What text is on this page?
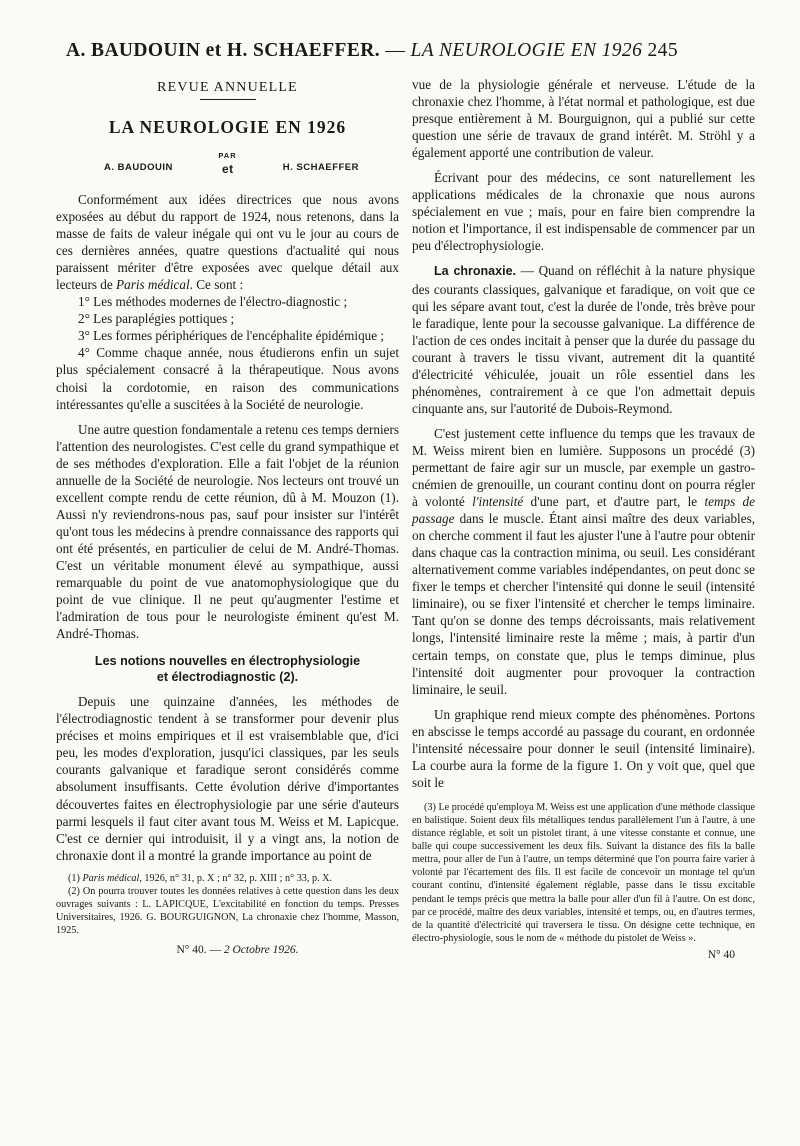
A. BAUDOUIN et H. SCHAEFFER. — LA NEUROLOGIE EN 1926 245
REVUE ANNUELLE
LA NEUROLOGIE EN 1926
PAR
A. BAUDOUIN	et	H. SCHAEFFER

Conformément aux idées directrices que nous avons exposées au début du rapport de 1924, nous retenons, dans la masse de faits de valeur inégale qui ont vu le jour au cours de ces dernières années, quatre questions d'actualité qui nous paraissent mériter d'être exposées avec quelque détail aux lecteurs de Paris médical. Ce sont :

1° Les méthodes modernes de l'électro-diagnostic ;

2° Les paraplégies pottiques ;

3° Les formes périphériques de l'encéphalite épidémique ;

4° Comme chaque année, nous étudierons enfin un sujet plus spécialement consacré à la thérapeutique. Nous avons choisi la cordotomie, en raison des communications intéressantes qu'elle a suscitées à la Société de neurologie.

Une autre question fondamentale a retenu ces temps derniers l'attention des neurologistes. C'est celle du grand sympathique et de ses méthodes d'exploration. Elle a fait l'objet de la réunion annuelle de la Société de neurologie. Nos lecteurs ont trouvé un excellent compte rendu de cette réunion, dû à M. Mouzon (1). Aussi n'y reviendrons-nous pas, sauf pour insister sur l'intérêt qu'ont tous les médecins à prendre connaissance des rapports qui ont été présentés, en particulier de celui de M. André-Thomas. C'est un véritable monument élevé au sympathique, aussi remarquable du point de vue anatomophysiologique que du point de vue clinique. Il ne peut qu'augmenter l'estime et l'admiration de tous pour le neurologiste éminent qu'est M. André-Thomas.

Les notions nouvelles en électrophysiologie
et électrodiagnostic (2).

Depuis une quinzaine d'années, les méthodes de l'électrodiagnostic tendent à se transformer pour devenir plus précises et moins empiriques et il est vraisemblable que, d'ici peu, les modes d'exploration, jusqu'ici classiques, par les seuls courants galvanique et faradique seront considérés comme absolument insuffisants. Cette évolution dérive d'importantes découvertes faites en électrophysiologie par une série d'auteurs parmi lesquels il faut citer avant tous M. Weiss et M. Lapicque. C'est ce dernier qui introduisit, il y a vingt ans, la notion de chronaxie dont il a montré la grande importance au point de

(1) Paris médical, 1926, n° 31, p. X ; n° 32, p. XIII ; n° 33, p. X.

(2) On pourra trouver toutes les données relatives à cette question dans les deux ouvrages suivants : L. LAPICQUE, L'excitabilité en fonction du temps. Presses Universitaires, 1926. G. BOURGUIGNON, La chronaxie chez l'homme, Masson, 1925.

N° 40. — 2 Octobre 1926.

vue de la physiologie générale et nerveuse. L'étude de la chronaxie chez l'homme, à l'état normal et pathologique, est due presque entièrement à M. Bourguignon, qui a publié sur cette question une série de travaux de grand intérêt. M. Ströhl y a également apporté une contribution de valeur.

Écrivant pour des médecins, ce sont naturellement les applications médicales de la chronaxie que nous aurons spécialement en vue ; mais, pour en faire bien comprendre la notion et l'importance, il est indispensable de commencer par un peu d'électrophysiologie.

La chronaxie. — Quand on réfléchit à la nature physique des courants classiques, galvanique et faradique, on voit que ce qui les sépare avant tout, c'est la durée de l'onde, très brève pour le faradique, lente pour la secousse galvanique. La différence de l'action de ces ondes incitait à penser que la durée du passage du courant à travers le tissu vivant, autrement dit la quantité d'électricité véhiculée, jouait un rôle essentiel dans les phénomènes, contrairement à ce que l'on admettait depuis cinquante ans, sur l'autorité de Dubois-Reymond.

C'est justement cette influence du temps que les travaux de M. Weiss mirent bien en lumière. Supposons un procédé (3) permettant de faire agir sur un muscle, par exemple un gastro-cnémien de grenouille, un courant continu dont on pourra régler à volonté l'intensité d'une part, et d'autre part, le temps de passage dans le muscle. Étant ainsi maître des deux variables, on cherche comment il faut les ajuster l'une à l'autre pour obtenir dans chaque cas la contraction minima, ou seuil. Les considérant alternativement comme variables indépendantes, on peut donc se fixer le temps et chercher l'intensité qui donne le seuil (intensité liminaire), ou se fixer l'intensité et chercher le temps liminaire. Tant qu'on se donne des temps décroissants, mais relativement longs, l'intensité liminaire reste la même ; mais, à partir d'un certain temps, on constate que, plus le temps diminue, plus l'intensité doit augmenter pour provoquer la contraction liminaire, le seuil.

Un graphique rend mieux compte des phénomènes. Portons en abscisse le temps accordé au passage du courant, en ordonnée l'intensité nécessaire pour donner le seuil (intensité liminaire). La courbe aura la forme de la figure 1. On y voit que, quel que soit le

(3) Le procédé qu'employa M. Weiss est une application d'une méthode classique en balistique. Soient deux fils métalliques tendus parallèlement l'un à l'autre, à une distance réglable, et soit un pistolet tirant, à une vitesse constante et connue, une balle qui coupe successivement les deux fils. Suivant la distance des fils la balle mettra, pour aller de l'un à l'autre, un temps déterminé que l'on pourra faire varier à volonté par l'écartement des fils. Il est facile de concevoir un montage tel qu'un courant continu, d'intensité également réglable, passe dans le tissu excitable pendant le temps précis que mettra la balle pour aller d'un fil à l'autre. On est donc, par ce procédé, maître des deux variables, intensité et temps, ou, en d'autres termes, de la quantité d'électricité qui traversera le tissu. On désigne cette technique, en électro-physiologie, sous le nom de « méthode du pistolet de Weiss ».

N° 40
